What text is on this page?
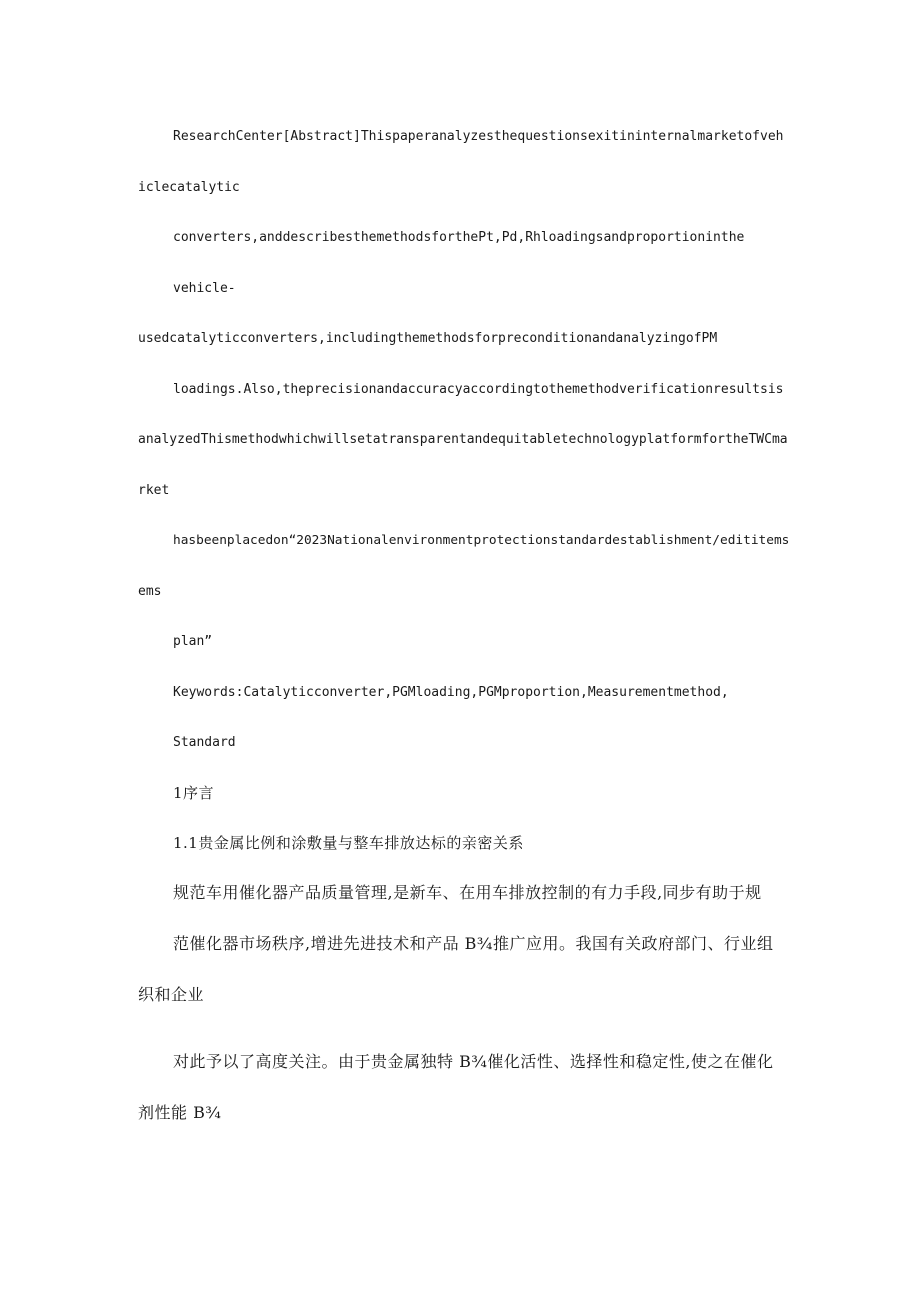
ResearchCenter[Abstract]Thispaperanalyzesthequestionsexitininternalmarketofveh
iclecatalytic
converters,anddescribesthemethodsforthePt,Pd,Rhloadingsandproportioninthe
vehicle-
usedcatalyticconverters,includingthemethodsforpreconditionandanalyzingofPM
loadings.Also,theprecisionandaccuracyaccordingtothemethodverificationresultsis
analyzedThismethodwhichwillsetatransparentandequitabletechnologyplatformfortheTWCma
rket
hasbeenplacedon“2023Nationalenvironmentprotectionstandardestablishment/edititems
ems
plan”
Keywords:Catalyticconverter,PGMloading,PGMproportion,Measurementmethod,
Standard
1序言
1.1贵金属比例和涂敷量与整车排放达标的亲密关系
规范车用催化器产品质量管理,是新车、在用车排放控制的有力手段,同步有助于规
范催化器市场秩序,增进先进技术和产品 B¾推广应用。我国有关政府部门、行业组
织和企业
对此予以了高度关注。由于贵金属独特 B¾催化活性、选择性和稳定性,使之在催化
剂性能 B¾
